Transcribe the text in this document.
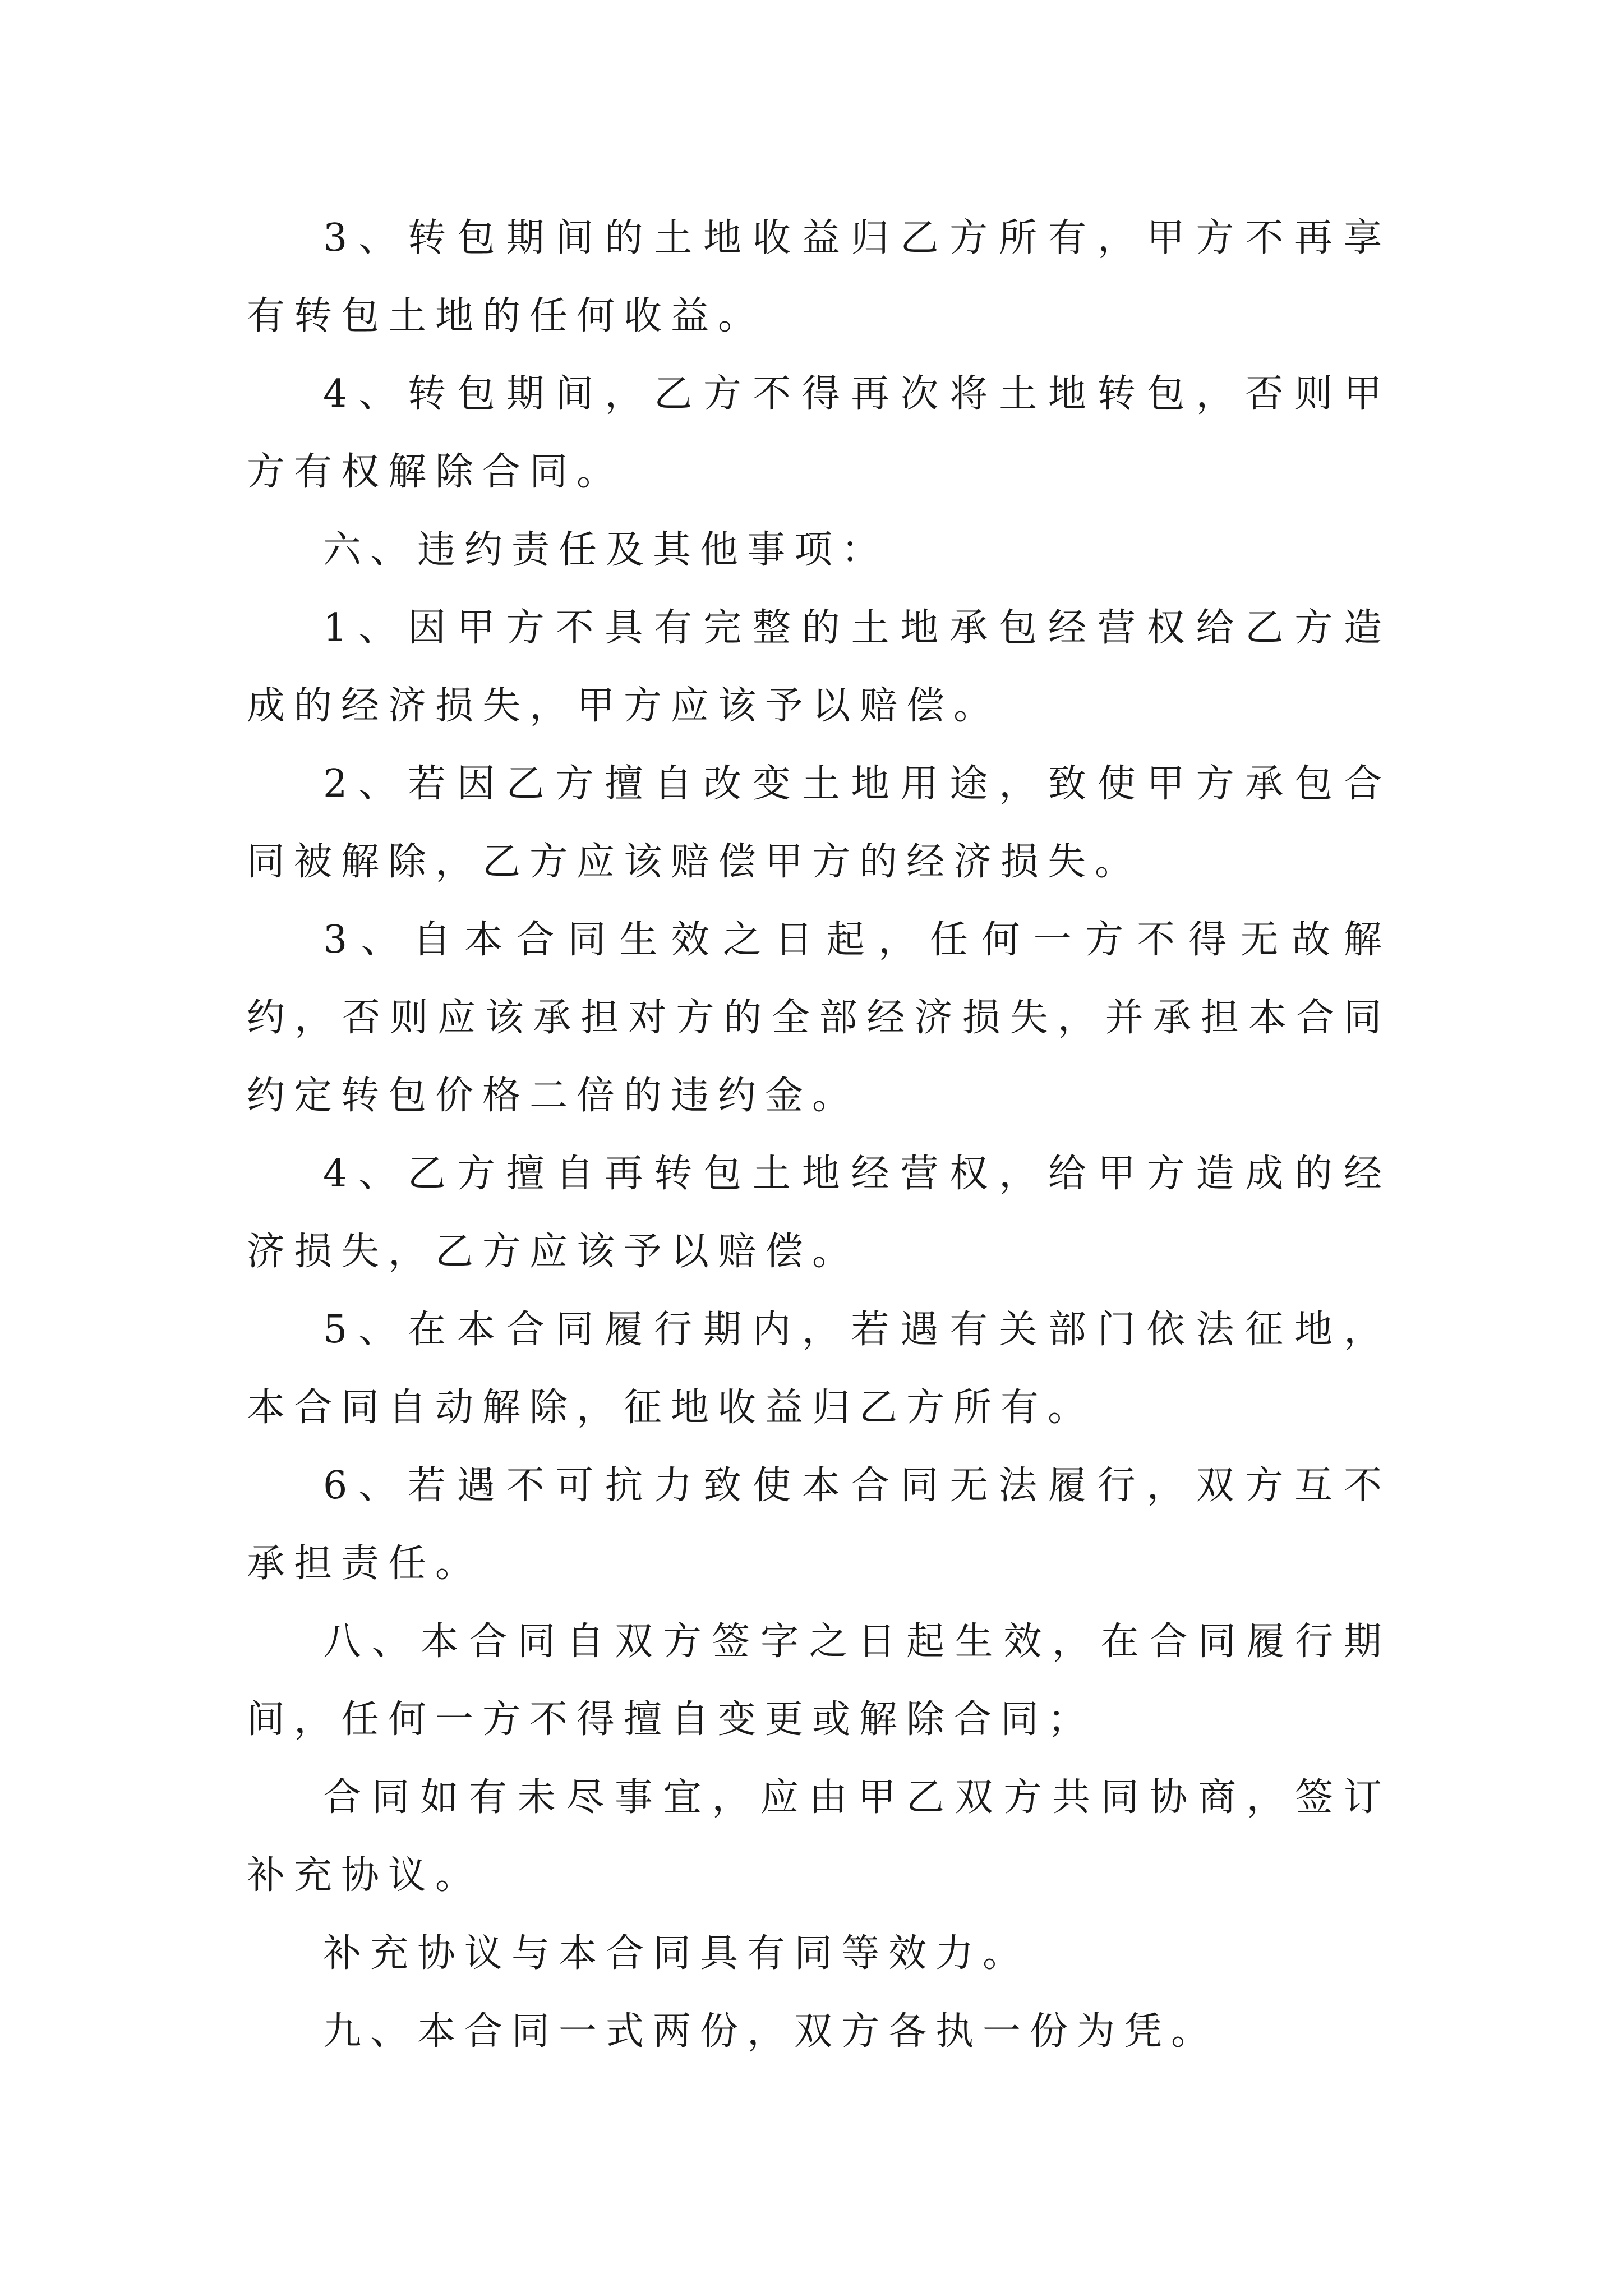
3、转包期间的土地收益归乙方所有，甲方不再享有转包土地的任何收益。

4、转包期间，乙方不得再次将土地转包，否则甲方有权解除合同。

六、违约责任及其他事项：

1、因甲方不具有完整的土地承包经营权给乙方造成的经济损失，甲方应该予以赔偿。

2、若因乙方擅自改变土地用途，致使甲方承包合同被解除，乙方应该赔偿甲方的经济损失。

3、自本合同生效之日起，任何一方不得无故解约，否则应该承担对方的全部经济损失，并承担本合同约定转包价格二倍的违约金。

4、乙方擅自再转包土地经营权，给甲方造成的经济损失，乙方应该予以赔偿。

5、在本合同履行期内，若遇有关部门依法征地，本合同自动解除，征地收益归乙方所有。

6、若遇不可抗力致使本合同无法履行，双方互不承担责任。

八、本合同自双方签字之日起生效，在合同履行期间，任何一方不得擅自变更或解除合同；

合同如有未尽事宜，应由甲乙双方共同协商，签订补充协议。

补充协议与本合同具有同等效力。

九、本合同一式两份，双方各执一份为凭。
